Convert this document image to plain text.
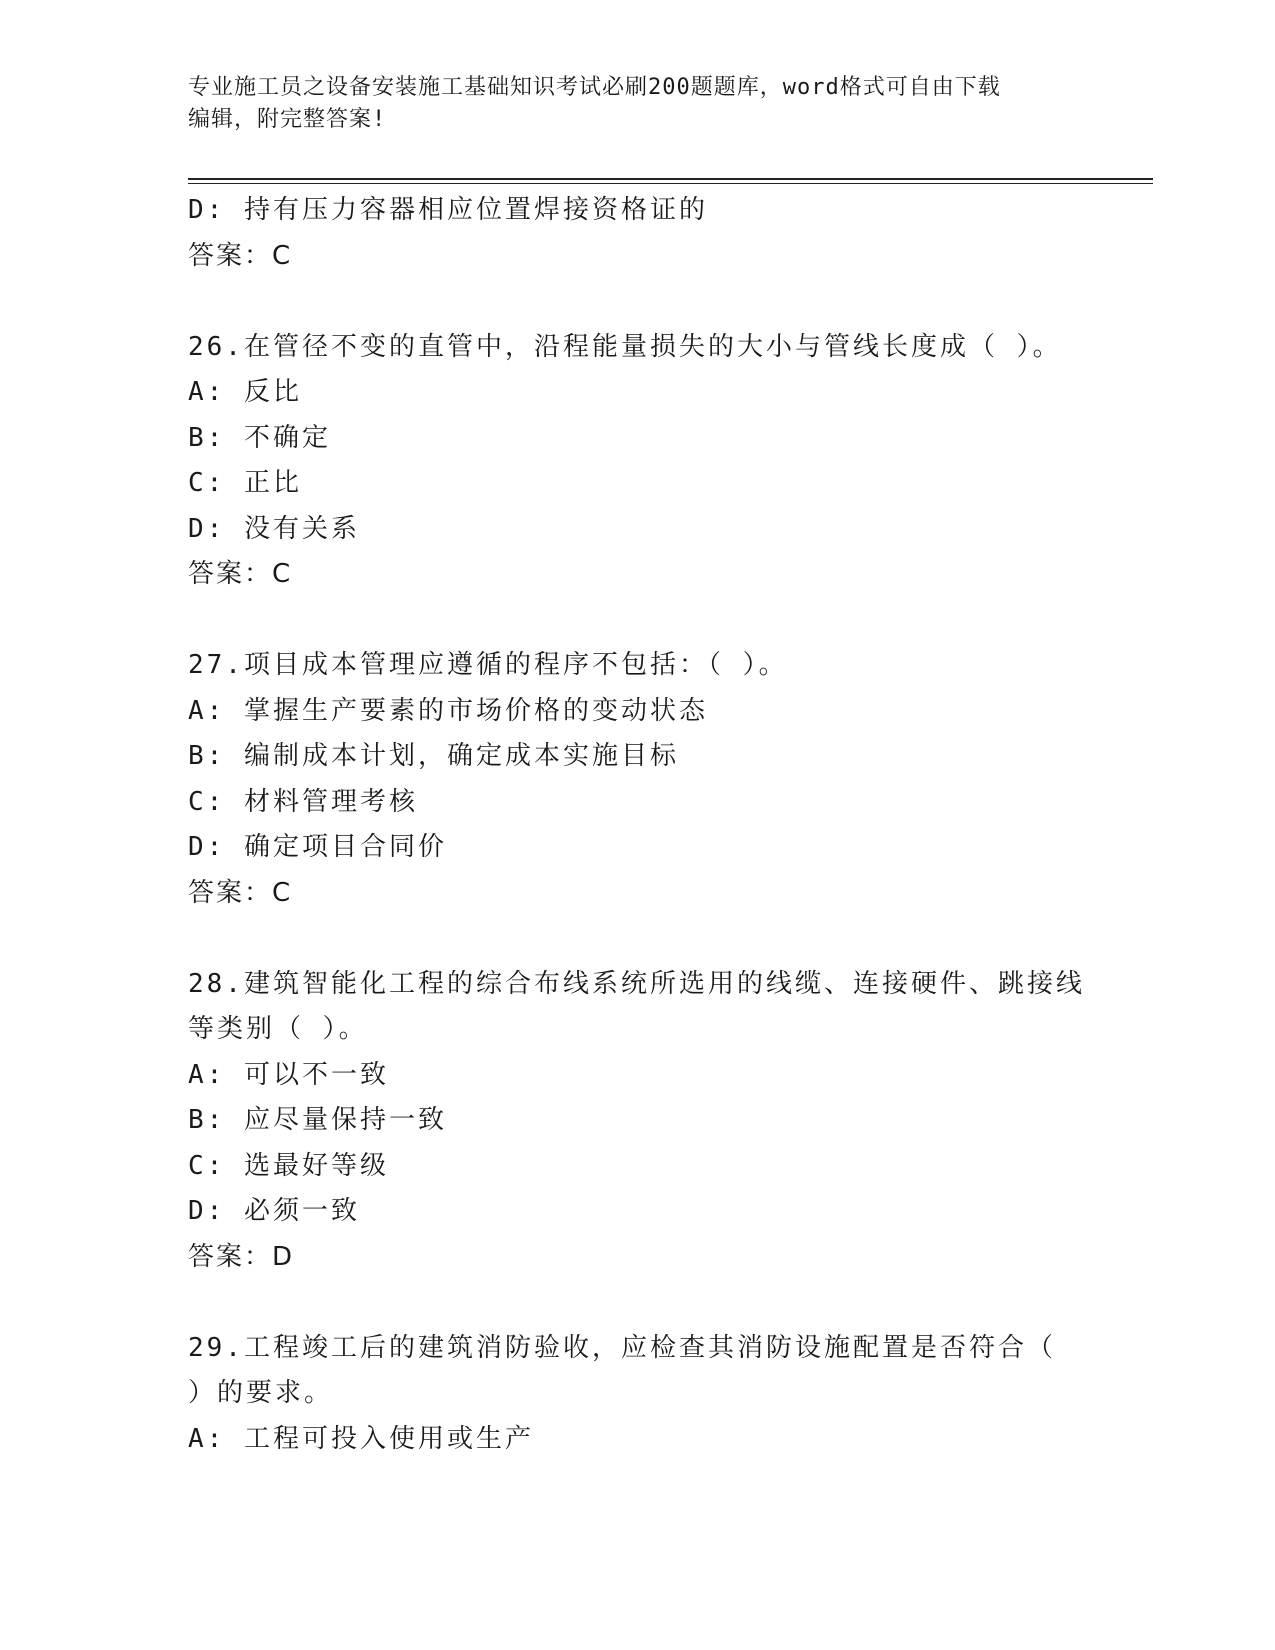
专业施工员之设备安装施工基础知识考试必刷200题题库，word格式可自由下载
编辑，附完整答案!
D: 持有压力容器相应位置焊接资格证的
答案：C
26.在管径不变的直管中，沿程能量损失的大小与管线长度成（ ）。
A: 反比
B: 不确定
C: 正比
D: 没有关系
答案：C
27.项目成本管理应遵循的程序不包括：（ ）。
A: 掌握生产要素的市场价格的变动状态
B: 编制成本计划，确定成本实施目标
C: 材料管理考核
D: 确定项目合同价
答案：C
28.建筑智能化工程的综合布线系统所选用的线缆、连接硬件、跳接线
等类别（ ）。
A: 可以不一致
B: 应尽量保持一致
C: 选最好等级
D: 必须一致
答案：D
29.工程竣工后的建筑消防验收，应检查其消防设施配置是否符合（
）的要求。
A: 工程可投入使用或生产
